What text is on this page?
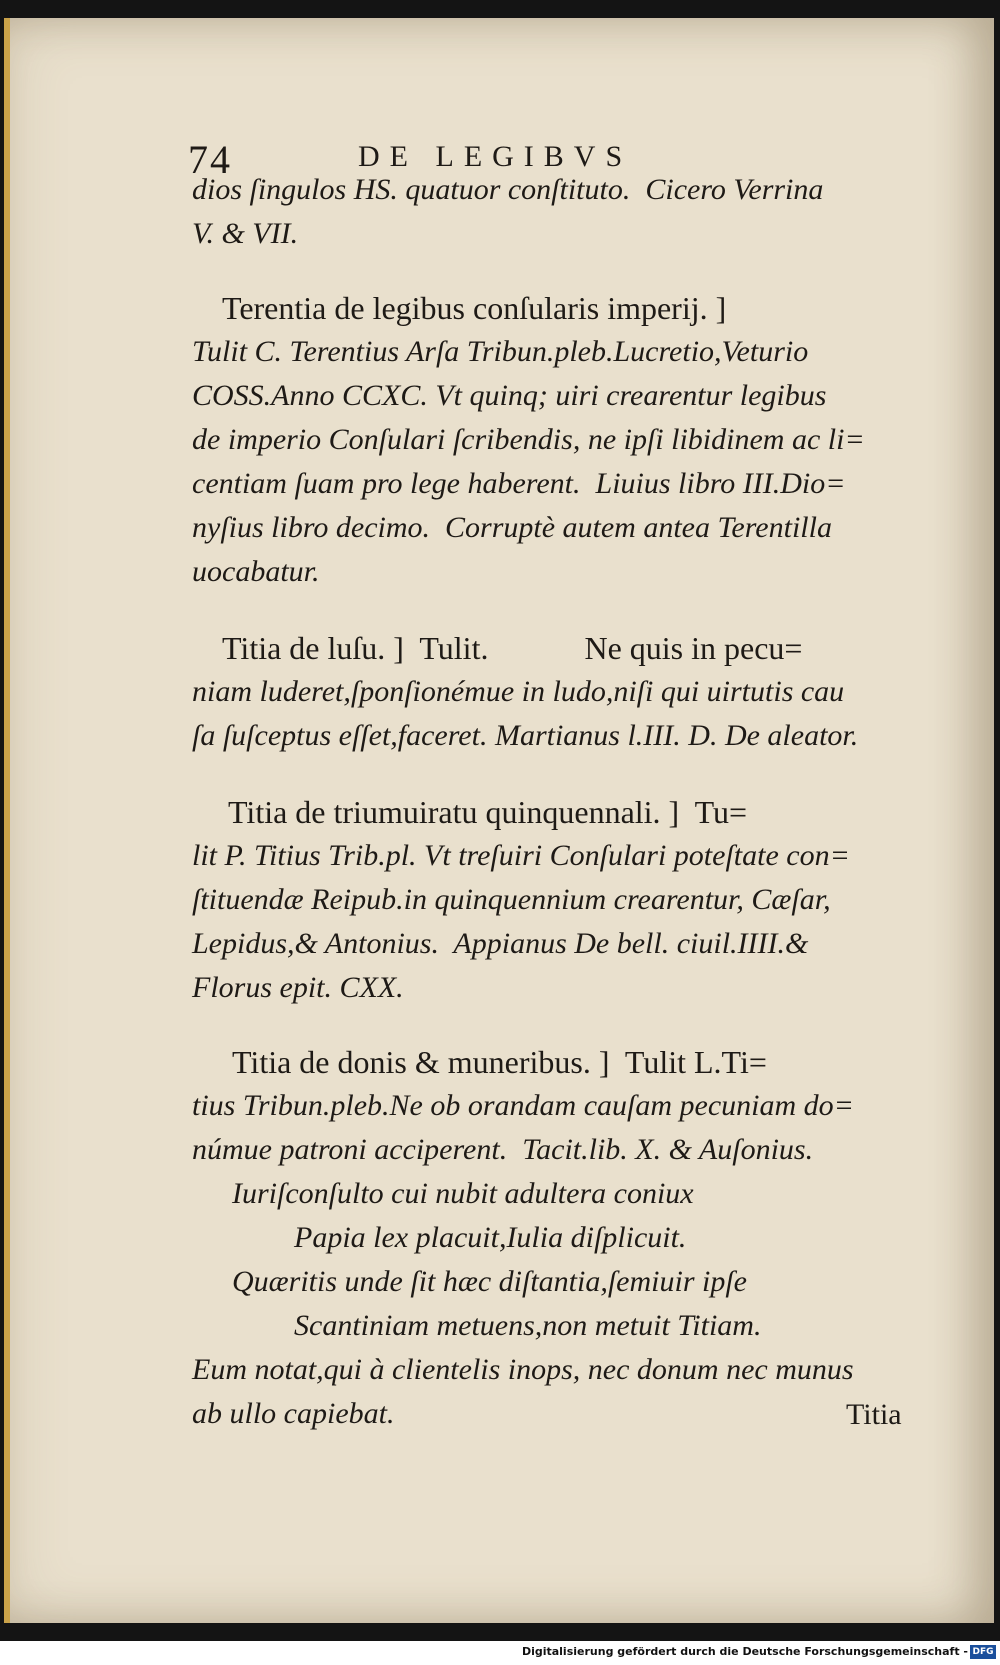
74	DE LEGIBVS
dios ſingulos HS. quatuor conſtituto.  Cicero Verrina
V. & VII.
Terentia de legibus conſularis imperij. ]
Tulit C. Terentius Arſa Tribun.pleb.Lucretio,Veturio
COSS.Anno CCXC. Vt quinq; uiri crearentur legibus
de imperio Conſulari ſcribendis, ne ipſi libidinem ac li=
centiam ſuam pro lege haberent.  Liuius libro III.Dio=
nyſius libro decimo.  Corruptè autem antea Terentilla
uocabatur.
Titia de luſu. ]  Tulit.            Ne quis in pecu=
niam luderet,ſponſionémue in ludo,niſi qui uirtutis cau
ſa ſuſceptus eſſet,faceret. Martianus l.III. D. De aleator.
Titia de triumuiratu quinquennali. ]  Tu=
lit P. Titius Trib.pl. Vt treſuiri Conſulari poteſtate con=
ſtituendæ Reipub.in quinquennium crearentur, Cæſar,
Lepidus,& Antonius.  Appianus De bell. ciuil.IIII.&
Florus epit. CXX.
Titia de donis & muneribus. ]  Tulit L.Ti=
tius Tribun.pleb.Ne ob orandam cauſam pecuniam do=
númue patroni acciperent.  Tacit.lib. X. & Auſonius.
Iuriſconſulto cui nubit adultera coniux
Papia lex placuit,Iulia diſplicuit.
Quæritis unde ſit hæc diſtantia,ſemiuir ipſe
Scantiniam metuens,non metuit Titiam.
Eum notat,qui à clientelis inops, nec donum nec munus
ab ullo capiebat.	Titia
Digitalisierung gefördert durch die Deutsche Forschungsgemeinschaft - DFG
